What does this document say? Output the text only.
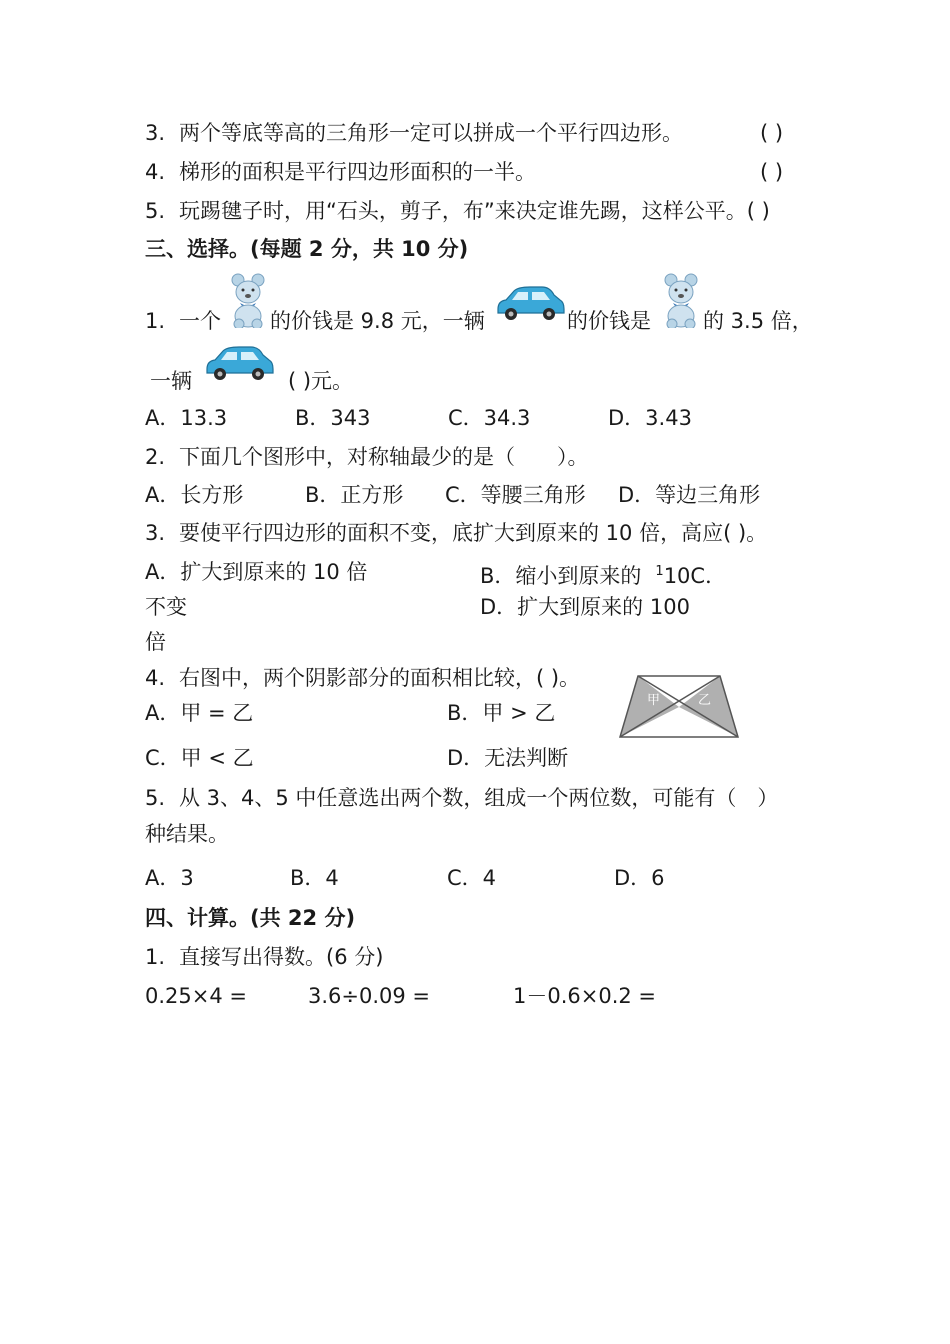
3. 两个等底等高的三角形一定可以拼成一个平行四边形。	( )
4. 梯形的面积是平行四边形面积的一半。	( )
5. 玩踢毽子时，用“石头，剪子，布”来决定谁先踢，这样公平。( )
三、选择。(每题 2 分，共 10 分)
1. 一个 的价钱是 9.8 元，一辆	的价钱是 的 3.5 倍，
一辆	( )元。
A．13.3	B．343	C．34.3	D．3.43
2. 下面几个图形中，对称轴最少的是（　　）。
A．长方形	B．正方形 C．等腰三角形 D．等边三角形
3. 要使平行四边形的面积不变，底扩大到原来的 10 倍，高应( )。
A．扩大到原来的 10 倍	B．缩小到原来的 $^1$10C．
不变	D．扩大到原来的 100
倍
4. 右图中，两个阴影部分的面积相比较，( )。
甲	乙
A．甲 = 乙	B．甲 > 乙
C．甲 < 乙	D．无法判断
5. 从 3、4、5 中任意选出两个数，组成一个两位数，可能有（　）
种结果。
A．3	B．4	C．4	D．6
四、计算。(共 22 分)
1. 直接写出得数。(6 分)
0.25×4 =	3.6÷0.09 =	1－0.6×0.2 =
